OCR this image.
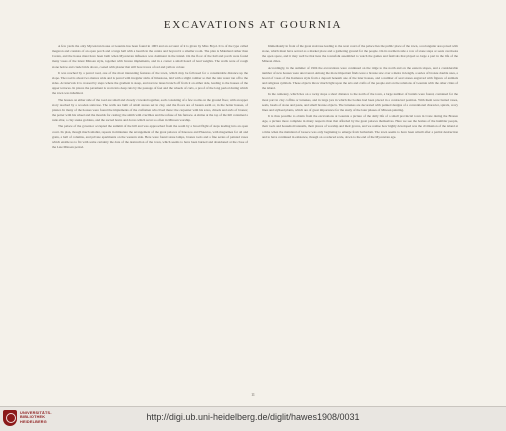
EXCAVATIONS AT GOURNIA

A few yards the only Mycenæan house at Gournia has been found in 1903 and an account of it is given by Miss Boyd. It is of the type called megaron and consists of an open porch and a large hall with a hearth in the centre and beyond it a smaller room. The plan is Mainland rather than Cretan, and the house must have been built when Mycenæan influence was dominant in the island. On the floor of the hall and porch were found many vases of the latest Minoan style, together with bronze implements, and in a corner a small hoard of lead weights. The walls were of rough stone below and crude brick above, coated with plaster that still bore traces of red and yellow colour.

It was reached by a paved road, one of the most interesting features of the town, which may be followed for a considerable distance up the slope. The road is about two metres wide and is paved with irregular slabs of limestone, laid with a slight camber so that the rain water ran off to the sides. At intervals it is crossed by steps where the gradient is steep, and narrow lanes branch off from it on either side, leading to the houses of the upper terraces. In places the pavement is worn into deep ruts by the passage of feet and the wheels of carts, a proof of the long period during which the town was inhabited.

The houses on either side of the road are small and closely crowded together, each consisting of a few rooms on the ground floor, with an upper story reached by a wooden staircase. The walls are built of small stones set in clay, and the floors are of beaten earth or, in the better houses, of plaster. In many of the houses were found the implements of the craftsmen who lived there: the carpenter with his saws, chisels and awls of bronze; the potter with his wheel and the moulds for casting; the smith with crucibles and the refuse of his furnace. A shrine at the top of the hill contained a rude altar, a clay snake goddess, and the sacred horns and doves which recur so often in Minoan worship.

The palace of the governor occupied the summit of the hill and was approached from the south by a broad flight of steps leading into an open court. Its plan, though much smaller, repeats in miniature the arrangement of the great palaces of Knossos and Phaestos, with magazines for oil and grain, a hall of columns, and private apartments on the western side. Here were found stone lamps, bronze tools and a fine series of painted vases which enable us to fix with some certainty the date of the destruction of the town, which seems to have been burned and abandoned at the close of the Late Minoan period.

Immediately in front of the great staircase leading to the west court of the palace lies the public place of the town, a rectangular area paved with stone, which must have served as a market place and a gathering ground for the people. On its northern side a row of stone steps or seats overlooks the open space, and it may well be that here the townsfolk assembled to watch the games and festivals that played so large a part in the life of the Minoan cities.

Accordingly, in the summer of 1904 the excavations were continued on the ridge to the north and on the eastern slopes, and a considerable number of new houses were uncovered. Among the more important finds were a bronze saw over a metre in length, a series of bronze double axes, a hoard of vases of the Kamares style from a deposit beneath one of the later houses, and a number of seal stones engraved with figures of animals and religious symbols. These objects throw much light upon the arts and crafts of the people and on the relations of Gournia with the other cities of the island.

In the cemetery, which lies on a rocky slope a short distance to the north of the town, a large number of burials were found, contained for the most part in clay coffins or larnakes, and in large jars in which the bodies had been placed in a contracted position. With them were buried vases, seals, beads of stone and paste, and small bronze objects. The larnakes are decorated with painted designs of a conventional character, spirals, wavy lines and stylised plants, which are of great importance for the study of the later phases of Minoan painting.

It is thus possible to obtain from the excavations at Gournia a picture of the daily life of a small provincial town in Crete during the Bronze Age, a picture more complete in many respects than that afforded by the great palaces themselves. Here we see the homes of the humbler people, their tools and household utensils, their places of worship and their graves, and we realise how highly developed was the civilisation of the island at a time when the mainland of Greece was only beginning to emerge from barbarism. The town seems to have been rebuilt after a partial destruction and to have continued in existence, though on a reduced scale, down to the end of the Mycenæan age.

11
UNIVERSITÄTS-
BIBLIOTHEK
HEIDELBERG	http://digi.ub.uni-heidelberg.de/diglit/hawes1908/0031
